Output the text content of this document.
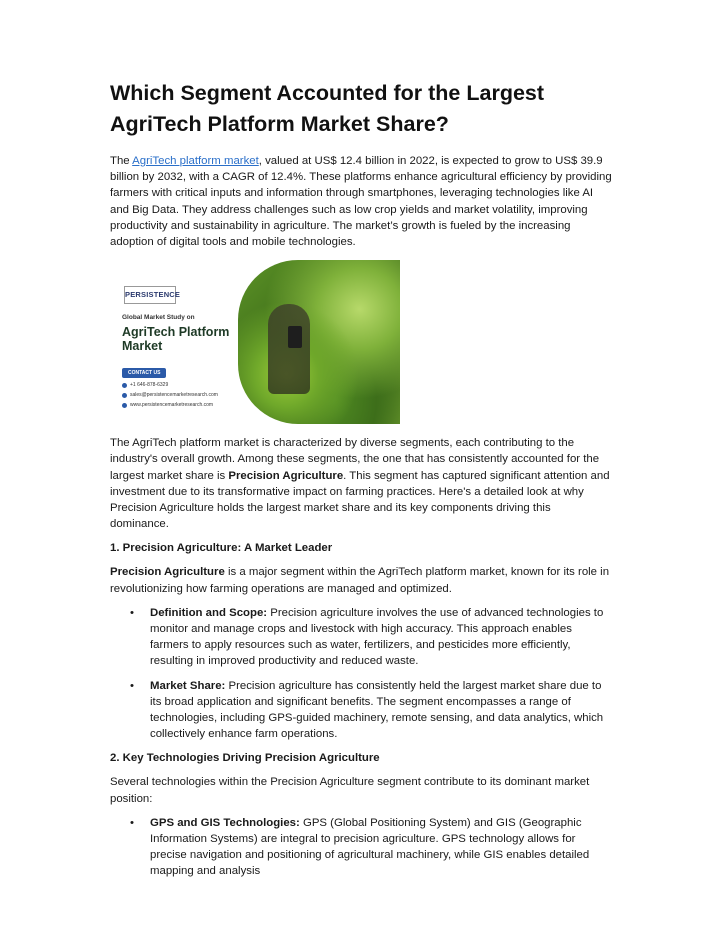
Which Segment Accounted for the Largest AgriTech Platform Market Share?

The AgriTech platform market, valued at US$ 12.4 billion in 2022, is expected to grow to US$ 39.9 billion by 2032, with a CAGR of 12.4%. These platforms enhance agricultural efficiency by providing farmers with critical inputs and information through smartphones, leveraging technologies like AI and Big Data. They address challenges such as low crop yields and market volatility, improving productivity and sustainability in agriculture. The market’s growth is fueled by the increasing adoption of digital tools and mobile technologies.

PERSISTENCE
Global Market Study on
AgriTech Platform Market
CONTACT US
+1 646-878-6329
sales@persistencemarketresearch.com
www.persistencemarketresearch.com

The AgriTech platform market is characterized by diverse segments, each contributing to the industry's overall growth. Among these segments, the one that has consistently accounted for the largest market share is Precision Agriculture. This segment has captured significant attention and investment due to its transformative impact on farming practices. Here's a detailed look at why Precision Agriculture holds the largest market share and its key components driving this dominance.

1. Precision Agriculture: A Market Leader

Precision Agriculture is a major segment within the AgriTech platform market, known for its role in revolutionizing how farming operations are managed and optimized.

• Definition and Scope: Precision agriculture involves the use of advanced technologies to monitor and manage crops and livestock with high accuracy. This approach enables farmers to apply resources such as water, fertilizers, and pesticides more efficiently, resulting in improved productivity and reduced waste.
• Market Share: Precision agriculture has consistently held the largest market share due to its broad application and significant benefits. The segment encompasses a range of technologies, including GPS-guided machinery, remote sensing, and data analytics, which collectively enhance farm operations.
2. Key Technologies Driving Precision Agriculture

Several technologies within the Precision Agriculture segment contribute to its dominant market position:

• GPS and GIS Technologies: GPS (Global Positioning System) and GIS (Geographic Information Systems) are integral to precision agriculture. GPS technology allows for precise navigation and positioning of agricultural machinery, while GIS enables detailed mapping and analysis
